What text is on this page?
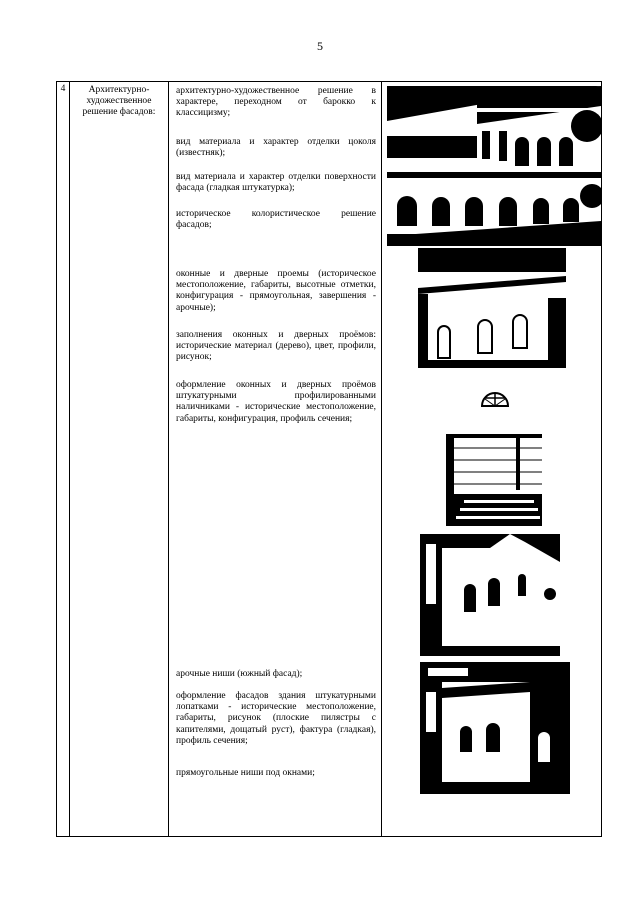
5
4	Архитектурно-художественное решение фасадов:	
архитектурно-художественное решение в характере, переходном от барокко к классицизму;
вид материала и характер отделки цоколя (известняк);
вид материала и характер отделки поверхности фасада (гладкая штукатурка);
историческое колористическое решение фасадов;
оконные и дверные проемы (историческое местоположение, габариты, высотные отметки, конфигурация - прямоугольная, завершения - арочные);
заполнения оконных и дверных проёмов: исторические материал (дерево), цвет, профили, рисунок;
оформление оконных и дверных проёмов штукатурными профилированными наличниками - исторические местоположение, габариты, конфигурация, профиль сечения;
арочные ниши (южный фасад);
оформление фасадов здания штукатурными лопатками - исторические местоположение, габариты, рисунок (плоские пилястры с капителями, дощатый руст), фактура (гладкая), профиль сечения;
прямоугольные ниши под окнами;
